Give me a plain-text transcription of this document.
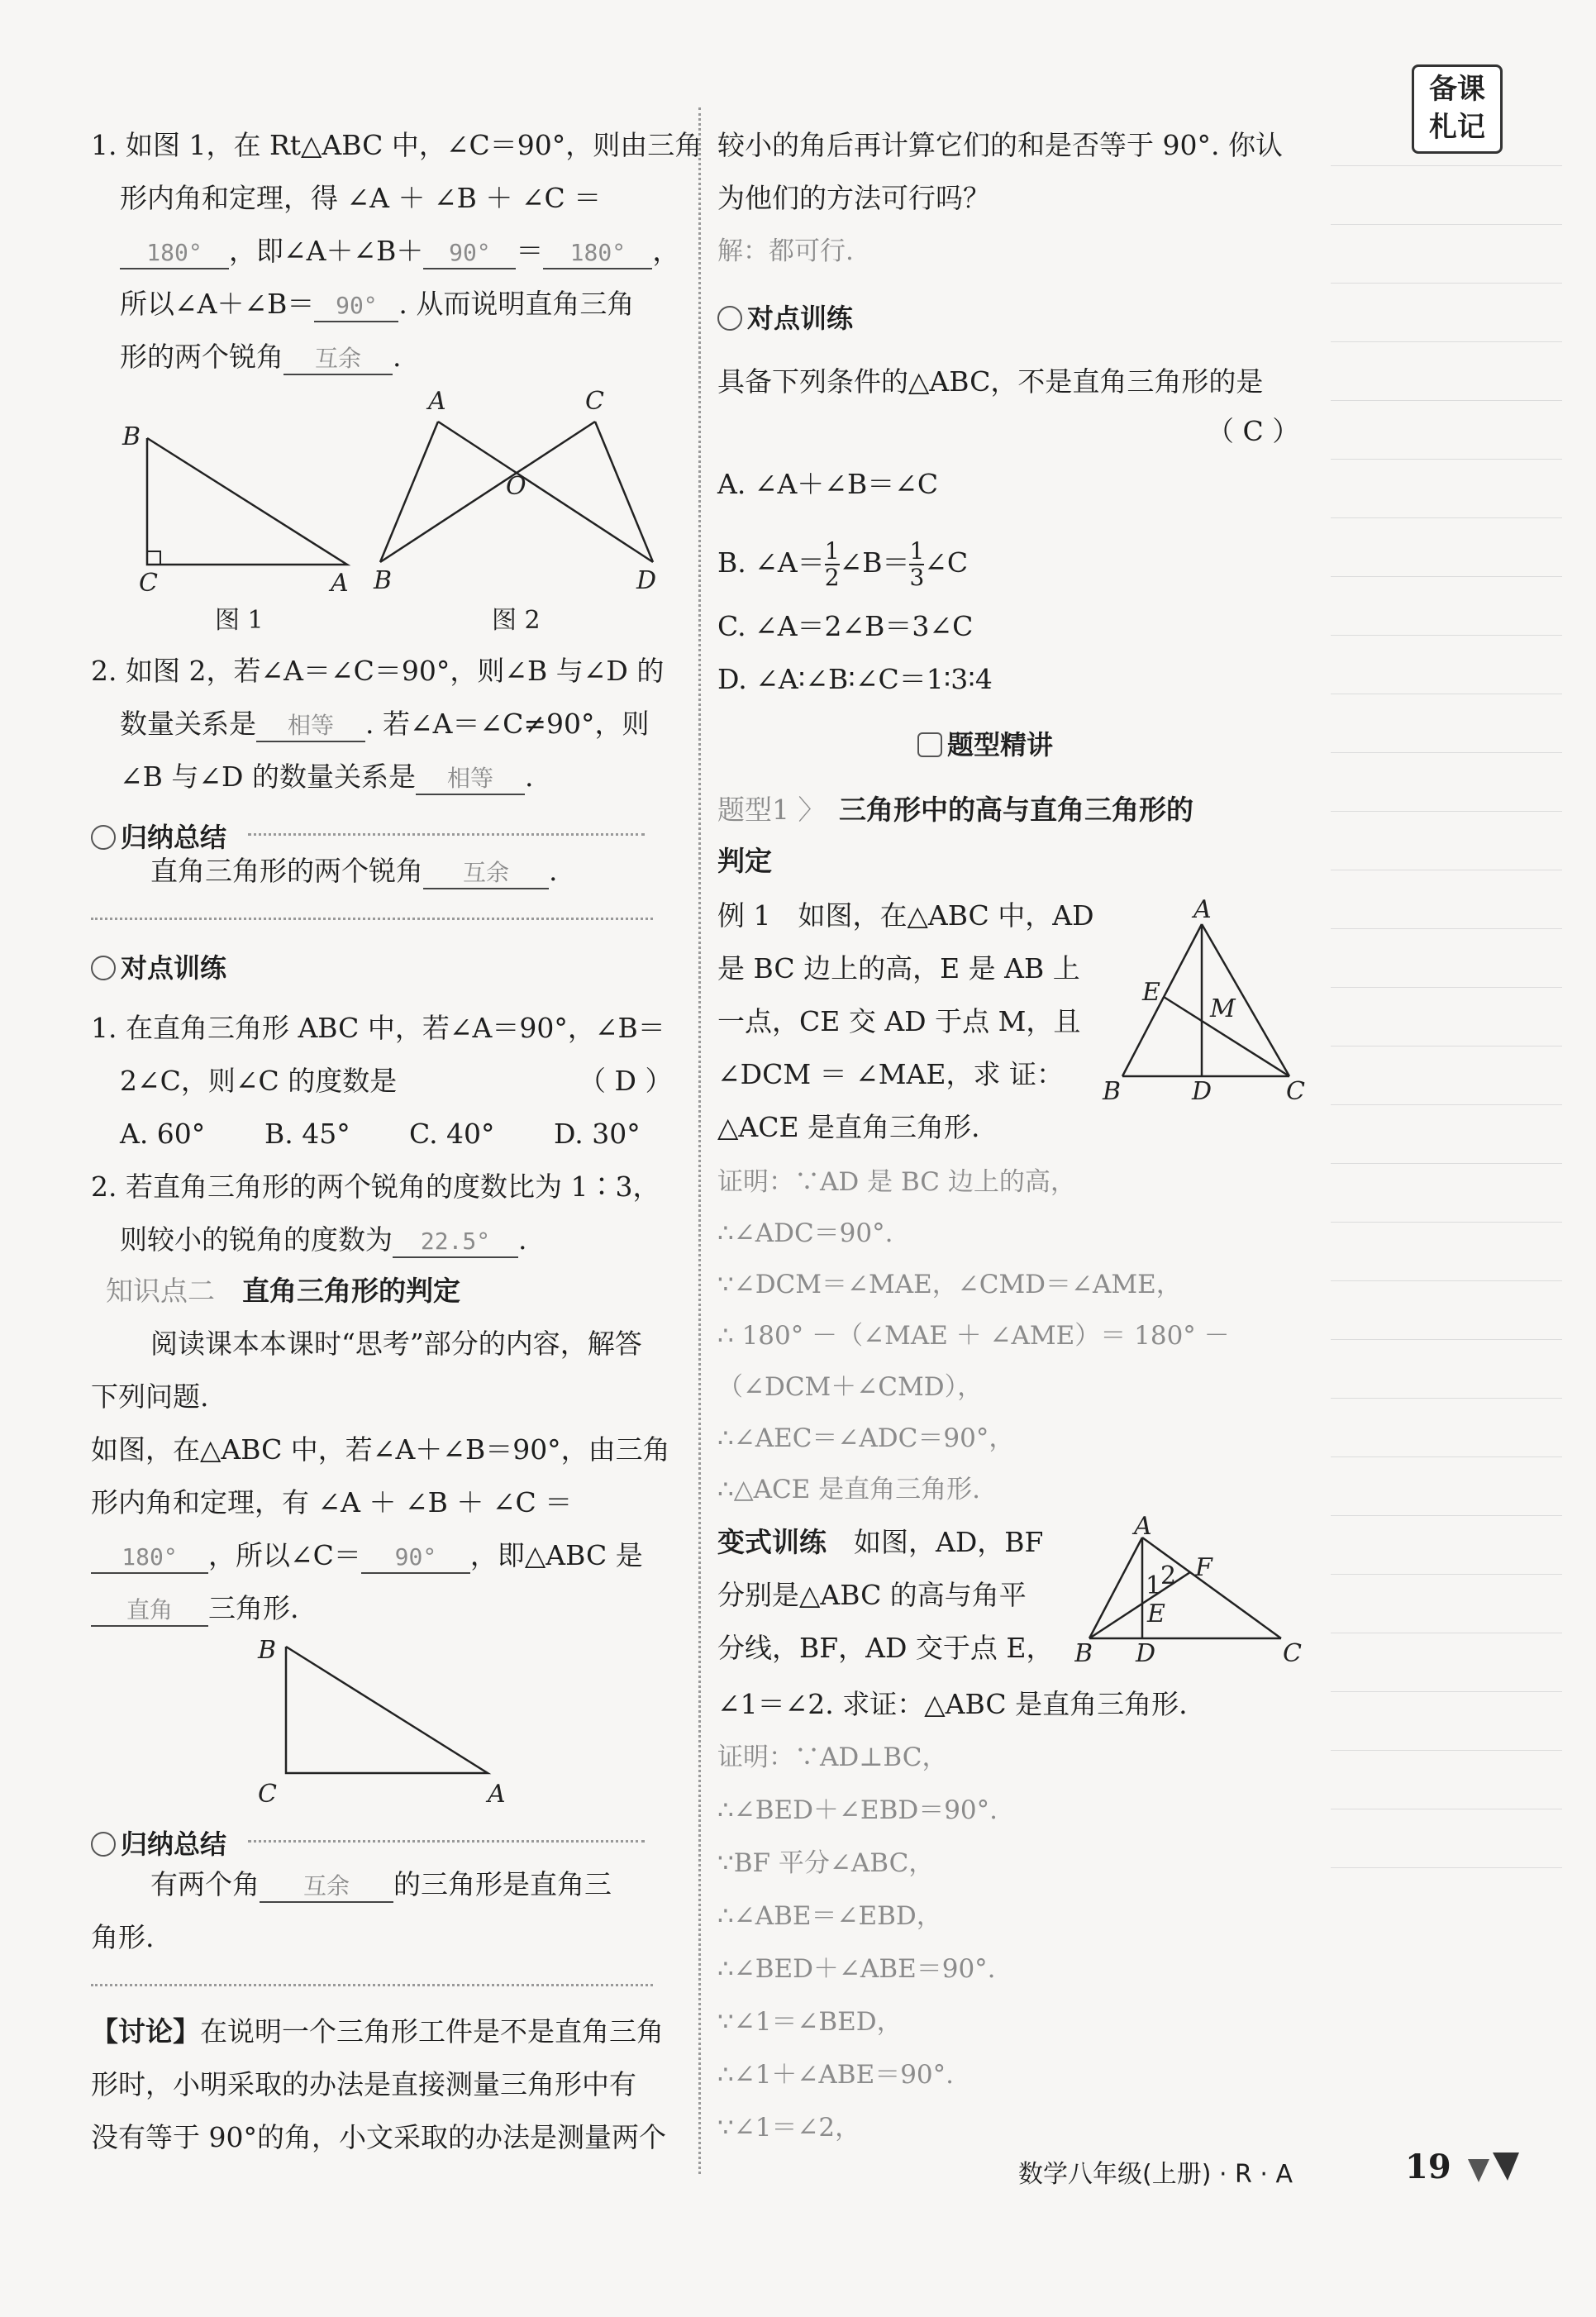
备课
札记
1. 如图 1，在 Rt△ABC 中，∠C＝90°，则由三角
形内角和定理，得 ∠A ＋ ∠B ＋ ∠C ＝
180° ，即∠A＋∠B＋ 90° ＝ 180° ，
所以∠A＋∠B＝ 90° . 从而说明直角三角
形的两个锐角 互余 .
B
C	A
图 1
A	C
O
B	D
图 2
2. 如图 2，若∠A＝∠C＝90°，则∠B 与∠D 的
数量关系是 相等 . 若∠A＝∠C≠90°，则
∠B 与∠D 的数量关系是 相等 .
归纳总结
直角三角形的两个锐角 互余 .
对点训练
1. 在直角三角形 ABC 中，若∠A＝90°，∠B＝
2∠C，则∠C 的度数是	（ D ）
A. 60° B. 45° C. 40° D. 30°
2. 若直角三角形的两个锐角的度数比为 1∶3，
则较小的锐角的度数为 22.5° .
知识点二　 直角三角形的判定
阅读课本本课时“思考”部分的内容，解答
下列问题.
如图，在△ABC 中，若∠A＋∠B＝90°，由三角
形内角和定理，有 ∠A ＋ ∠B ＋ ∠C ＝
180° ，所以∠C＝ 90° ，即△ABC 是
直角 三角形.
B
C	A
归纳总结
有两个角 互余 的三角形是直角三
角形.
【讨论】在说明一个三角形工件是不是直角三角
形时，小明采取的办法是直接测量三角形中有
没有等于 90°的角，小文采取的办法是测量两个
较小的角后再计算它们的和是否等于 90°. 你认
为他们的方法可行吗？
解：都可行.
对点训练
具备下列条件的△ABC，不是直角三角形的是
（ C ）
A. ∠A＋∠B＝∠C
B. ∠A＝ $\frac{1}{2}$ ∠B＝ $\frac{1}{3}$ ∠C
C. ∠A＝2∠B＝3∠C
D. ∠A∶∠B∶∠C＝1∶3∶4
题型精讲
题型1 〉　 三角形中的高与直角三角形的
判定
例 1　如图，在△ABC 中，AD
是 BC 边上的高，E 是 AB 上
一点，CE 交 AD 于点 M，且
∠DCM ＝ ∠MAE，求 证：
△ACE 是直角三角形.
A
E
M
B	D	C
证明：∵AD 是 BC 边上的高，
∴∠ADC＝90°.
∵∠DCM＝∠MAE，∠CMD＝∠AME，
∴ 180° －（∠MAE ＋ ∠AME）＝ 180° －
（∠DCM＋∠CMD），
∴∠AEC＝∠ADC＝90°，
∴△ACE 是直角三角形.
变式训练　如图，AD，BF
分别是△ABC 的高与角平
分线，BF，AD 交于点 E，
∠1＝∠2. 求证：△ABC 是直角三角形.
A
F
1
2
E
B D	C
证明：∵AD⊥BC，
∴∠BED＋∠EBD＝90°.
∵BF 平分∠ABC，
∴∠ABE＝∠EBD，
∴∠BED＋∠ABE＝90°.
∵∠1＝∠BED，
∴∠1＋∠ABE＝90°.
∵∠1＝∠2，
数学八年级(上册) · R · A	19
